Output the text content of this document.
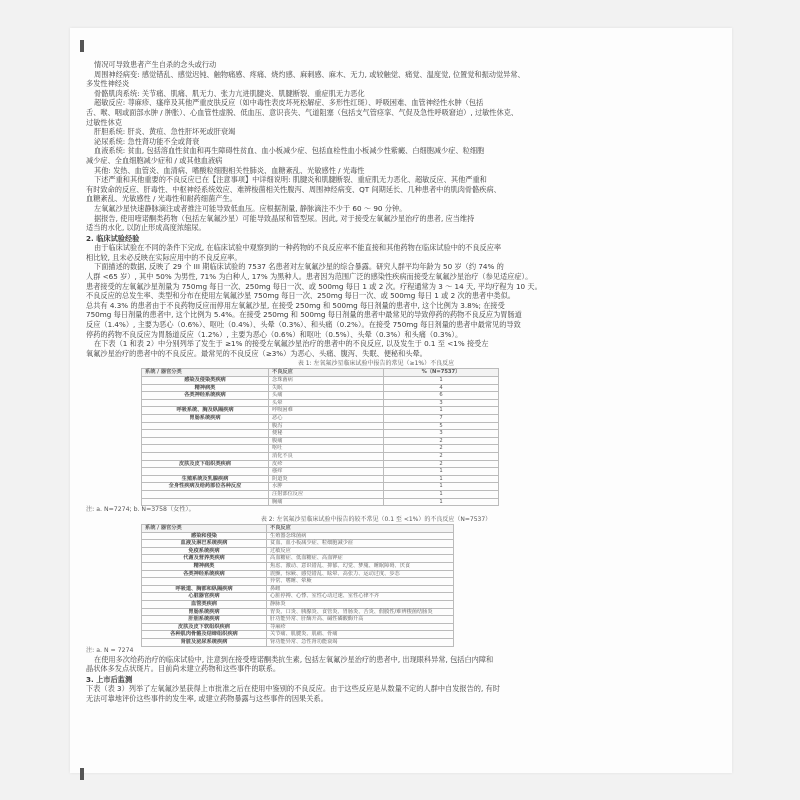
情况可导致患者产生自杀的念头或行动
周围神经病变: 感觉错乱、感觉迟钝、触物痛感、疼痛、烧灼感、麻刺感、麻木、无力, 或较触觉、痛觉、温度觉, 位置觉和振动觉异常、
多发性神经炎
骨骼肌肉系统: 关节痛、肌痛、肌无力、张力亢进肌腱炎、肌腱断裂、重症肌无力恶化
超敏反应: 荨麻疹、瘙痒及其他严重皮肤反应（如中毒性表皮坏死松解症、多形性红斑）、呼吸困难、血管神经性水肿（包括
舌、喉、咽或面部水肿 / 肿胀）、心血管性虚脱、低血压、意识丧失、气道阻塞（包括支气管痉挛、气促及急性呼吸窘迫）, 过敏性休克、
过敏性休克
肝胆系统: 肝炎、黄疸、急性肝坏死或肝衰竭
泌尿系统: 急性肾功能不全或肾衰
血液系统: 贫血, 包括溶血性贫血和再生障碍性贫血、血小板减少症、包括血栓性血小板减少性紫癜、白细胞减少症、粒细胞
减少症、全血细胞减少症和 / 或其他血液病
其他: 发热、血管炎、血清病、嗜酸粒细胞相关性肺炎、血糖紊乱、光敏感性 / 光毒性
下述严重和其他重要的不良反应已在【注意事项】中详细说明: 肌腱炎和肌腱断裂、重症肌无力恶化、超敏反应、其他严重和
有时致命的反应、肝毒性、中枢神经系统效应、难辨梭菌相关性腹泻、周围神经病变、QT 间期延长、几种患者中的肌肉骨骼疾病、
血糖紊乱、光敏感性 / 光毒性和耐药细菌产生。
左氧氟沙星快速静脉滴注或者推注可能导致低血压。应根据剂量, 静脉滴注不少于 60 ～ 90 分钟。
据报告, 使用喹诺酮类药物（包括左氧氟沙星）可能导致晶尿和管型尿。因此, 对于接受左氧氟沙星治疗的患者, 应当维持
适当的水化, 以防止形成高度浓缩尿。
2. 临床试验经验
由于临床试验在不同的条件下完成, 在临床试验中观察到的一种药物的不良反应率不能直接和其他药物在临床试验中的不良反应率
相比较, 且未必反映在实际应用中的不良反应率。
下面描述的数据, 反映了 29 个 III 期临床试验的 7537 名患者对左氧氟沙星的综合暴露。研究人群平均年龄为 50 岁（约 74% 的
人群 <65 岁）, 其中 50% 为男性, 71% 为白种人, 17% 为黑种人。患者因为范围广泛的感染性疾病而接受左氧氟沙星治疗（参见适应症）。
患者接受的左氧氟沙星剂量为 750mg 每日一次、250mg 每日一次、或 500mg 每日 1 或 2 次。疗程通常为 3 ～ 14 天, 平均疗程为 10 天。
不良反应的总发生率、类型和分布在使用左氧氟沙星 750mg 每日一次、250mg 每日一次、或 500mg 每日 1 或 2 次的患者中类似。
总共有 4.3% 的患者由于不良药物反应而停用左氧氟沙星, 在接受 250mg 和 500mg 每日剂量的患者中, 这个比例为 3.8%; 在接受
750mg 每日剂量的患者中, 这个比例为 5.4%。在接受 250mg 和 500mg 每日剂量的患者中最常见的导致停药的药物不良反应为胃肠道
反应（1.4%）, 主要为恶心（0.6%）、呕吐（0.4%）、头晕（0.3%）、和头痛（0.2%）。在接受 750mg 每日剂量的患者中最常见的导致
停药的药物不良反应为胃肠道反应（1.2%）, 主要为恶心（0.6%）和呕吐（0.5%）、头晕（0.3%）和头痛（0.3%）。
在下表（1 和表 2）中分别列举了发生于 ≥1% 的接受左氧氟沙星治疗的患者中的不良反应, 以及发生于 0.1 至 <1% 接受左
氧氟沙星治疗的患者中的不良反应。最常见的不良反应（≥3%）为恶心、头痛、腹泻、失眠、便秘和头晕。
表 1: 左氧氟沙星临床试验中报告的常见（≥1%）不良反应
系统 / 器官分类	不良反应	%（N=7537）
感染及侵染类疾病	念珠菌病	1
精神病类	失眠	4
各类神经系统疾病	头痛	6
	头晕	3
呼吸系统、胸及纵隔疾病	呼吸困难	1
胃肠系统疾病	恶心	7
	腹泻	5
	便秘	3
	腹痛	2
	呕吐	2
	消化不良	2
皮肤及皮下组织类疾病	皮疹	2
	瘙痒	1
生殖系统及乳腺疾病	阴道炎	1
全身性疾病及给药部位各种反应	水肿	1
	注射部位反应	1
	胸痛	1
注: a. N=7274; b. N=3758（女性）。
表 2: 左氧氟沙星临床试验中报告的较不常见（0.1 至 <1%）的不良反应（N=7537）
系统 / 器官分类	不良反应
感染和侵染	生殖器念珠菌病
血液及淋巴系统疾病	贫血、血小板减少症、粒细胞减少症
免疫系统疾病	过敏反应
代谢及营养类疾病	高血糖症、低血糖症、高血钾症
精神病类	焦虑、激动、意识错乱、抑郁、幻觉、梦魇、睡眠障碍、厌食
各类神经系统疾病	震颤、惊厥、感觉错乱、眩晕、高张力、运动过度、步态
	异常、嗜睡、晕厥
呼吸道、胸部和纵隔疾病	鼻衄
心脏器官疾病	心脏停搏、心悸、室性心动过速、室性心律不齐
血管类疾病	静脉炎
胃肠系统疾病	胃炎、口炎、胰腺炎、食管炎、胃肠炎、舌炎、假膜性/难辨梭菌结肠炎
肝胆系统疾病	肝功能异常、肝酶升高、碱性磷酸酶升高
皮肤及皮下软组织疾病	荨麻疹
各种肌肉骨骼及结缔组织疾病	关节痛、肌腱炎、肌痛、骨痛
肾脏及泌尿系统疾病	肾功能异常、急性肾功能衰竭
注: a. N = 7274
在使用多次给药治疗的临床试验中, 注意到在接受喹诺酮类抗生素, 包括左氧氟沙星治疗的患者中, 出现眼科异常, 包括白内障和
晶状体多发点状斑片。目前尚未建立药物和这些事件的联系。
3. 上市后监测
下表（表 3）列举了左氧氟沙星获得上市批准之后在使用中鉴别的不良反应。由于这些反应是从数量不定的人群中自发报告的, 有时
无法可靠地评价这些事件的发生率, 或建立药物暴露与这些事件的因果关系。
